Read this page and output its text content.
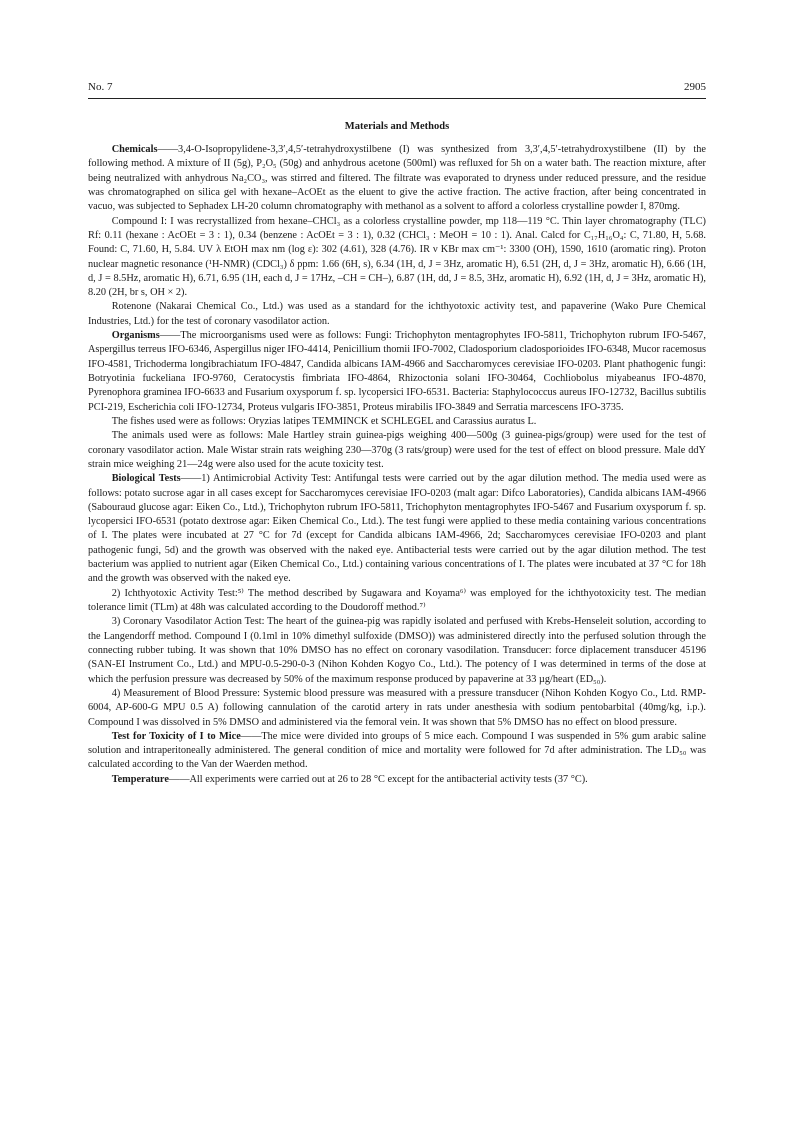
No. 7	2905
Materials and Methods

Chemicals——3,4-O-Isopropylidene-3,3′,4,5′-tetrahydroxystilbene (I) was synthesized from 3,3′,4,5′-tetrahydroxystilbene (II) by the following method. A mixture of II (5g), P₂O₅ (50g) and anhydrous acetone (500ml) was refluxed for 5h on a water bath. The reaction mixture, after being neutralized with anhydrous Na₂CO₃, was stirred and filtered. The filtrate was evaporated to dryness under reduced pressure, and the residue was chromatographed on silica gel with hexane–AcOEt as the eluent to give the active fraction. The active fraction, after being concentrated in vacuo, was subjected to Sephadex LH-20 column chromatography with methanol as a solvent to afford a colorless crystalline powder I, 870mg.

Compound I: I was recrystallized from hexane–CHCl₃ as a colorless crystalline powder, mp 118—119 °C. Thin layer chromatography (TLC) Rf: 0.11 (hexane : AcOEt = 3 : 1), 0.34 (benzene : AcOEt = 3 : 1), 0.32 (CHCl₃ : MeOH = 10 : 1). Anal. Calcd for C₁₇H₁₆O₄: C, 71.80, H, 5.68. Found: C, 71.60, H, 5.84. UV λ EtOH max nm (log ε): 302 (4.61), 328 (4.76). IR ν KBr max cm⁻¹: 3300 (OH), 1590, 1610 (aromatic ring). Proton nuclear magnetic resonance (¹H-NMR) (CDCl₃) δ ppm: 1.66 (6H, s), 6.34 (1H, d, J = 3Hz, aromatic H), 6.51 (2H, d, J = 3Hz, aromatic H), 6.66 (1H, d, J = 8.5Hz, aromatic H), 6.71, 6.95 (1H, each d, J = 17Hz, –CH = CH–), 6.87 (1H, dd, J = 8.5, 3Hz, aromatic H), 6.92 (1H, d, J = 3Hz, aromatic H), 8.20 (2H, br s, OH × 2).

Rotenone (Nakarai Chemical Co., Ltd.) was used as a standard for the ichthyotoxic activity test, and papaverine (Wako Pure Chemical Industries, Ltd.) for the test of coronary vasodilator action.

Organisms——The microorganisms used were as follows: Fungi: Trichophyton mentagrophytes IFO-5811, Trichophyton rubrum IFO-5467, Aspergillus terreus IFO-6346, Aspergillus niger IFO-4414, Penicillium thomii IFO-7002, Cladosporium cladosporioides IFO-6348, Mucor racemosus IFO-4581, Trichoderma longibrachiatum IFO-4847, Candida albicans IAM-4966 and Saccharomyces cerevisiae IFO-0203. Plant phathogenic fungi: Botryotinia fuckeliana IFO-9760, Ceratocystis fimbriata IFO-4864, Rhizoctonia solani IFO-30464, Cochliobolus miyabeanus IFO-4870, Pyrenophora graminea IFO-6633 and Fusarium oxysporum f. sp. lycopersici IFO-6531. Bacteria: Staphylococcus aureus IFO-12732, Bacillus subtilis PCI-219, Escherichia coli IFO-12734, Proteus vulgaris IFO-3851, Proteus mirabilis IFO-3849 and Serratia marcescens IFO-3735.

The fishes used were as follows: Oryzias latipes TEMMINCK et SCHLEGEL and Carassius auratus L.

The animals used were as follows: Male Hartley strain guinea-pigs weighing 400—500g (3 guinea-pigs/group) were used for the test of coronary vasodilator action. Male Wistar strain rats weighing 230—370g (3 rats/group) were used for the test of effect on blood pressure. Male ddY strain mice weighing 21—24g were also used for the acute toxicity test.

Biological Tests——1) Antimicrobial Activity Test: Antifungal tests were carried out by the agar dilution method. The media used were as follows: potato sucrose agar in all cases except for Saccharomyces cerevisiae IFO-0203 (malt agar: Difco Laboratories), Candida albicans IAM-4966 (Sabouraud glucose agar: Eiken Co., Ltd.), Trichophyton rubrum IFO-5811, Trichophyton mentagrophytes IFO-5467 and Fusarium oxysporum f. sp. lycopersici IFO-6531 (potato dextrose agar: Eiken Chemical Co., Ltd.). The test fungi were applied to these media containing various concentrations of I. The plates were incubated at 27 °C for 7d (except for Candida albicans IAM-4966, 2d; Saccharomyces cerevisiae IFO-0203 and plant pathogenic fungi, 5d) and the growth was observed with the naked eye. Antibacterial tests were carried out by the agar dilution method. The test bacterium was applied to nutrient agar (Eiken Chemical Co., Ltd.) containing various concentrations of I. The plates were incubated at 37 °C for 18h and the growth was observed with the naked eye.

2) Ichthyotoxic Activity Test:⁵⁾ The method described by Sugawara and Koyama⁶⁾ was employed for the ichthyotoxicity test. The median tolerance limit (TLm) at 48h was calculated according to the Doudoroff method.⁷⁾

3) Coronary Vasodilator Action Test: The heart of the guinea-pig was rapidly isolated and perfused with Krebs-Henseleit solution, according to the Langendorff method. Compound I (0.1ml in 10% dimethyl sulfoxide (DMSO)) was administered directly into the perfused solution through the connecting rubber tubing. It was shown that 10% DMSO has no effect on coronary vasodilation. Transducer: force diplacement transducer 45196 (SAN-EI Instrument Co., Ltd.) and MPU-0.5-290-0-3 (Nihon Kohden Kogyo Co., Ltd.). The potency of I was determined in terms of the dose at which the perfusion pressure was decreased by 50% of the maximum response produced by papaverine at 33 µg/heart (ED₅₀).

4) Measurement of Blood Pressure: Systemic blood pressure was measured with a pressure transducer (Nihon Kohden Kogyo Co., Ltd. RMP-6004, AP-600-G MPU 0.5 A) following cannulation of the carotid artery in rats under anesthesia with sodium pentobarbital (40mg/kg, i.p.). Compound I was dissolved in 5% DMSO and administered via the femoral vein. It was shown that 5% DMSO has no effect on blood pressure.

Test for Toxicity of I to Mice——The mice were divided into groups of 5 mice each. Compound I was suspended in 5% gum arabic saline solution and intraperitoneally administered. The general condition of mice and mortality were followed for 7d after administration. The LD₅₀ was calculated according to the Van der Waerden method.

Temperature——All experiments were carried out at 26 to 28 °C except for the antibacterial activity tests (37 °C).
